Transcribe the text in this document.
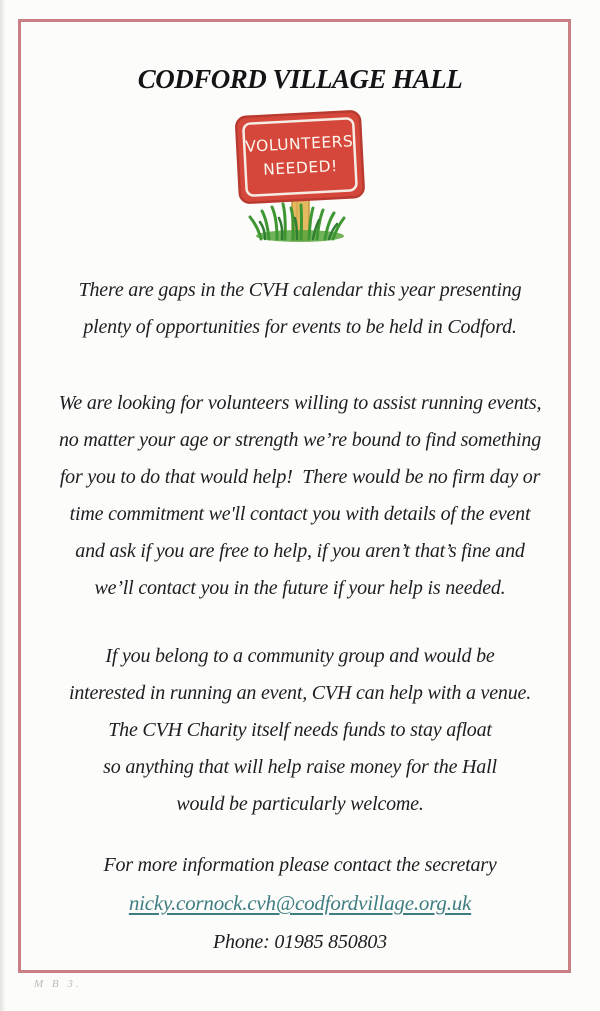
CODFORD VILLAGE HALL
VOLUNTEERS
NEEDED!
There are gaps in the CVH calendar this year presenting
plenty of opportunities for events to be held in Codford.
We are looking for volunteers willing to assist running events,
no matter your age or strength we’re bound to find something
for you to do that would help!  There would be no firm day or
time commitment we'll contact you with details of the event
and ask if you are free to help, if you aren’t that’s fine and
we’ll contact you in the future if your help is needed.
If you belong to a community group and would be
interested in running an event, CVH can help with a venue.
The CVH Charity itself needs funds to stay afloat
so anything that will help raise money for the Hall
would be particularly welcome.
For more information please contact the secretary
nicky.cornock.cvh@codfordvillage.org.uk
Phone: 01985 850803
M B 3.
